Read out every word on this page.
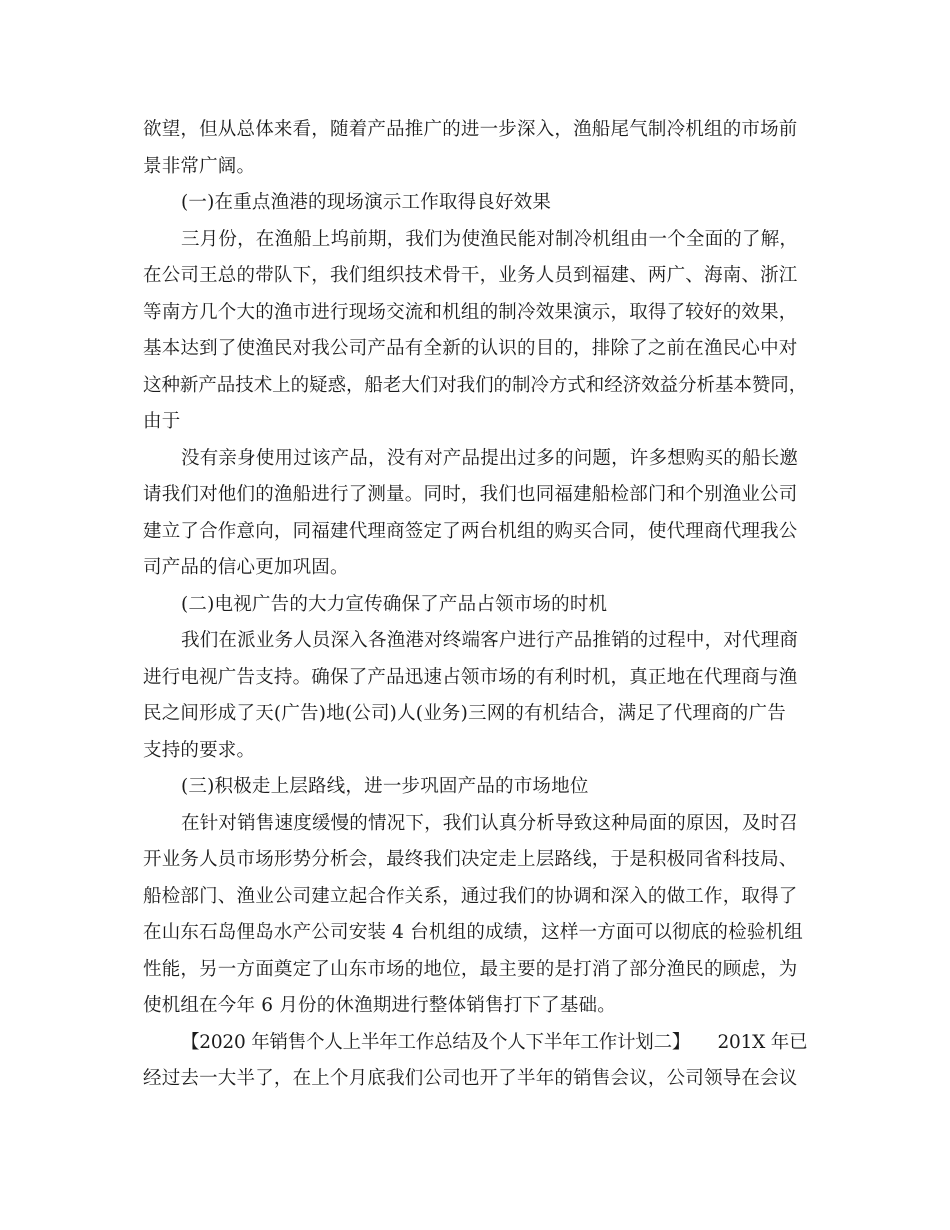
欲望，但从总体来看，随着产品推广的进一步深入，渔船尾气制冷机组的市场前
景非常广阔。
(一)在重点渔港的现场演示工作取得良好效果
三月份，在渔船上坞前期，我们为使渔民能对制冷机组由一个全面的了解，
在公司王总的带队下，我们组织技术骨干，业务人员到福建、两广、海南、浙江
等南方几个大的渔市进行现场交流和机组的制冷效果演示，取得了较好的效果，
基本达到了使渔民对我公司产品有全新的认识的目的，排除了之前在渔民心中对
这种新产品技术上的疑惑，船老大们对我们的制冷方式和经济效益分析基本赞同，
由于
没有亲身使用过该产品，没有对产品提出过多的问题，许多想购买的船长邀
请我们对他们的渔船进行了测量。同时，我们也同福建船检部门和个别渔业公司
建立了合作意向，同福建代理商签定了两台机组的购买合同，使代理商代理我公
司产品的信心更加巩固。
(二)电视广告的大力宣传确保了产品占领市场的时机
我们在派业务人员深入各渔港对终端客户进行产品推销的过程中，对代理商
进行电视广告支持。确保了产品迅速占领市场的有利时机，真正地在代理商与渔
民之间形成了天(广告)地(公司)人(业务)三网的有机结合，满足了代理商的广告
支持的要求。
(三)积极走上层路线，进一步巩固产品的市场地位
在针对销售速度缓慢的情况下，我们认真分析导致这种局面的原因，及时召
开业务人员市场形势分析会，最终我们决定走上层路线，于是积极同省科技局、
船检部门、渔业公司建立起合作关系，通过我们的协调和深入的做工作，取得了
在山东石岛俚岛水产公司安装 4 台机组的成绩，这样一方面可以彻底的检验机组
性能，另一方面奠定了山东市场的地位，最主要的是打消了部分渔民的顾虑，为
使机组在今年 6 月份的休渔期进行整体销售打下了基础。
【2020 年销售个人上半年工作总结及个人下半年工作计划二】　　201X 年已
经过去一大半了，在上个月底我们公司也开了半年的销售会议，公司领导在会议
